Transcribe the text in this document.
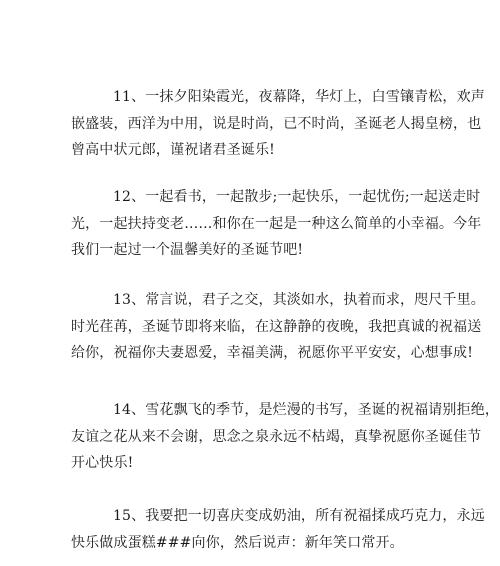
11、一抹夕阳染霞光，夜幕降，华灯上，白雪镶青松，欢声
嵌盛装，西洋为中用，说是时尚，已不时尚，圣诞老人揭皇榜，也
曾高中状元郎，谨祝诸君圣诞乐!
12、一起看书，一起散步;一起快乐，一起忧伤;一起送走时
光，一起扶持变老……和你在一起是一种这么简单的小幸福。今年
我们一起过一个温馨美好的圣诞节吧!
13、常言说，君子之交，其淡如水，执着而求，咫尺千里。
时光荏苒，圣诞节即将来临，在这静静的夜晚，我把真诚的祝福送
给你，祝福你夫妻恩爱，幸福美满，祝愿你平平安安，心想事成!
14、雪花飘飞的季节，是烂漫的书写，圣诞的祝福请别拒绝，
友谊之花从来不会谢，思念之泉永远不枯竭，真挚祝愿你圣诞佳节
开心快乐!
15、我要把一切喜庆变成奶油，所有祝福揉成巧克力，永远
快乐做成蛋糕###向你，然后说声：新年笑口常开。
